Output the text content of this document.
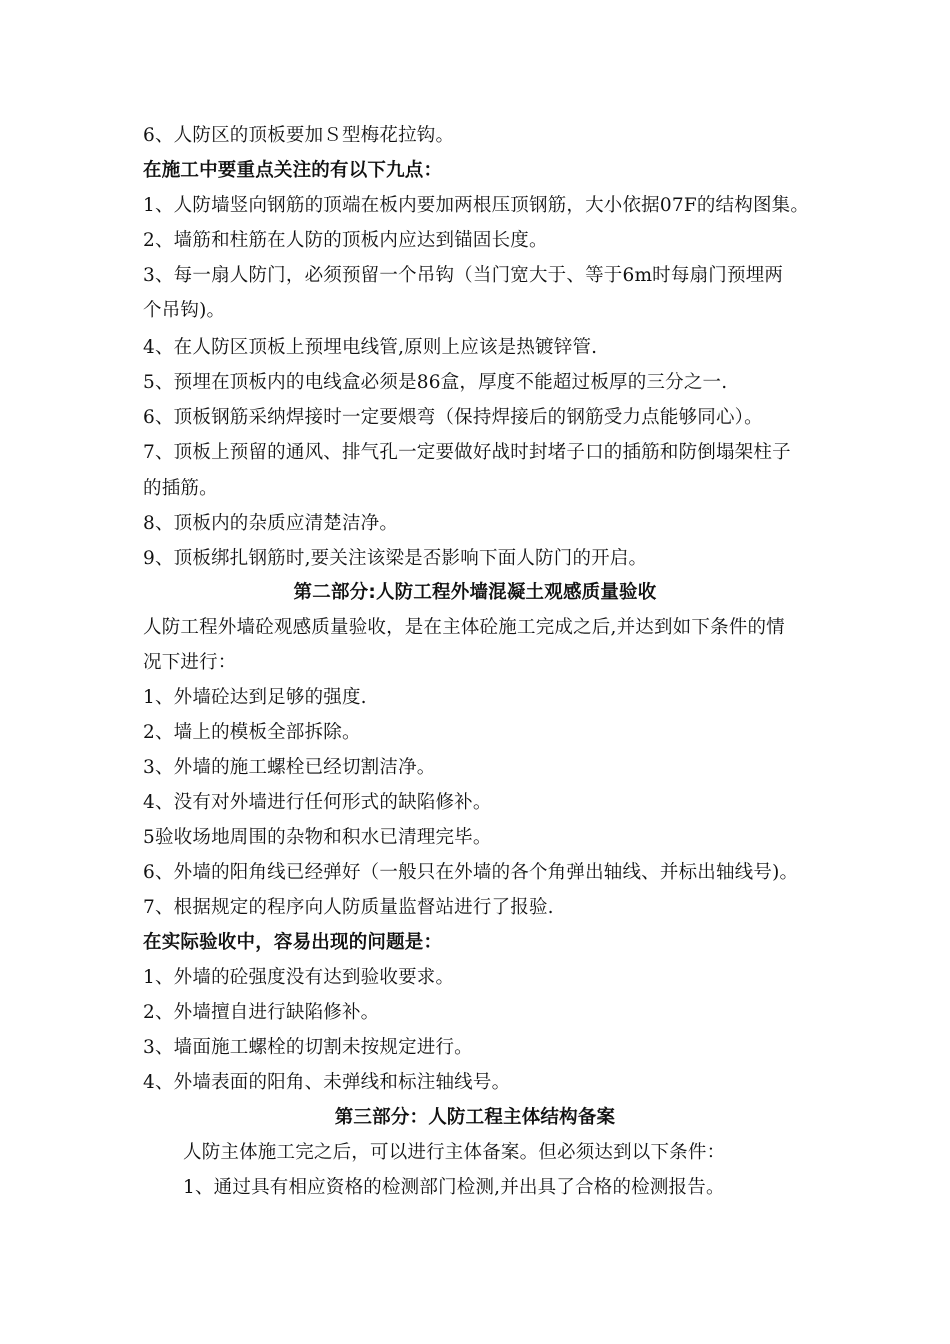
6、人防区的顶板要加Ｓ型梅花拉钩。
在施工中要重点关注的有以下九点：
1、人防墙竖向钢筋的顶端在板内要加两根压顶钢筋，大小依据07F的结构图集。
2、墙筋和柱筋在人防的顶板内应达到锚固长度。
3、每一扇人防门，必须预留一个吊钩（当门宽大于、等于6m时每扇门预埋两
个吊钩)。
4、在人防区顶板上预埋电线管,原则上应该是热镀锌管.
5、预埋在顶板内的电线盒必须是86盒，厚度不能超过板厚的三分之一.
6、顶板钢筋采纳焊接时一定要煨弯（保持焊接后的钢筋受力点能够同心）。
7、顶板上预留的通风、排气孔一定要做好战时封堵子口的插筋和防倒塌架柱子
的插筋。
8、顶板内的杂质应清楚洁净。
9、顶板绑扎钢筋时,要关注该梁是否影响下面人防门的开启。
第二部分:人防工程外墙混凝土观感质量验收
人防工程外墙砼观感质量验收，是在主体砼施工完成之后,并达到如下条件的情
况下进行：
1、外墙砼达到足够的强度.
2、墙上的模板全部拆除。
3、外墙的施工螺栓已经切割洁净。
4、没有对外墙进行任何形式的缺陷修补。
5验收场地周围的杂物和积水已清理完毕。
6、外墙的阳角线已经弹好（一般只在外墙的各个角弹出轴线、并标出轴线号)。
7、根据规定的程序向人防质量监督站进行了报验.
在实际验收中，容易出现的问题是：
1、外墙的砼强度没有达到验收要求。
2、外墙擅自进行缺陷修补。
3、墙面施工螺栓的切割未按规定进行。
4、外墙表面的阳角、未弹线和标注轴线号。
第三部分：人防工程主体结构备案
人防主体施工完之后，可以进行主体备案。但必须达到以下条件：
1、通过具有相应资格的检测部门检测,并出具了合格的检测报告。
